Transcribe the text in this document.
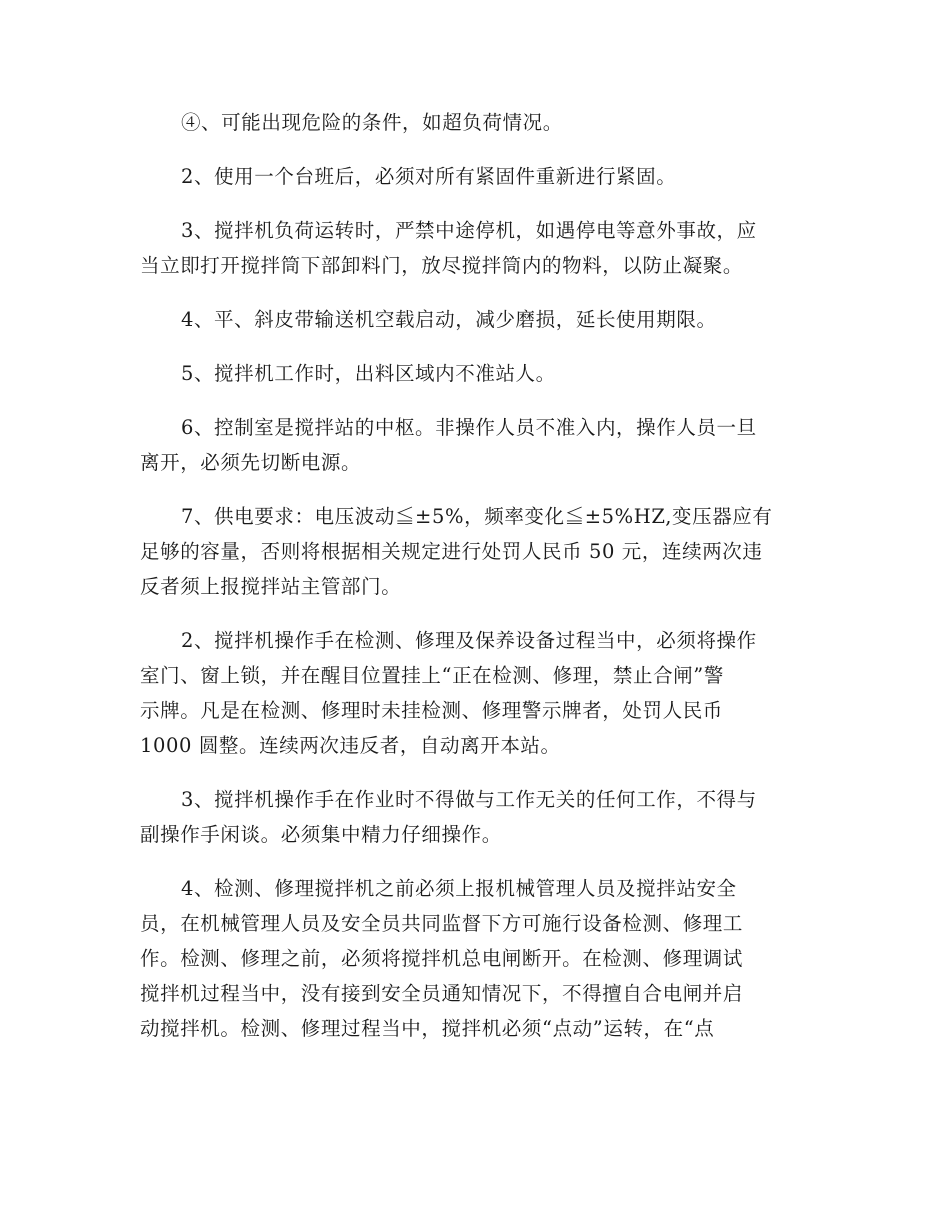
④、可能出现危险的条件，如超负荷情况。

2、使用一个台班后，必须对所有紧固件重新进行紧固。

3、搅拌机负荷运转时，严禁中途停机，如遇停电等意外事故，应
当立即打开搅拌筒下部卸料门，放尽搅拌筒内的物料，以防止凝聚。

4、平、斜皮带输送机空载启动，减少磨损，延长使用期限。

5、搅拌机工作时，出料区域内不准站人。

6、控制室是搅拌站的中枢。非操作人员不准入内，操作人员一旦
离开，必须先切断电源。

7、供电要求：电压波动≦±5%，频率变化≦±5%HZ,变压器应有
足够的容量，否则将根据相关规定进行处罚人民币 50 元，连续两次违
反者须上报搅拌站主管部门。

2、搅拌机操作手在检测、修理及保养设备过程当中，必须将操作
室门、窗上锁，并在醒目位置挂上“正在检测、修理，禁止合闸”警
示牌。凡是在检测、修理时未挂检测、修理警示牌者，处罚人民币
1000 圆整。连续两次违反者，自动离开本站。

3、搅拌机操作手在作业时不得做与工作无关的任何工作，不得与
副操作手闲谈。必须集中精力仔细操作。

4、检测、修理搅拌机之前必须上报机械管理人员及搅拌站安全
员，在机械管理人员及安全员共同监督下方可施行设备检测、修理工
作。检测、修理之前，必须将搅拌机总电闸断开。在检测、修理调试
搅拌机过程当中，没有接到安全员通知情况下，不得擅自合电闸并启
动搅拌机。检测、修理过程当中，搅拌机必须“点动”运转，在“点
